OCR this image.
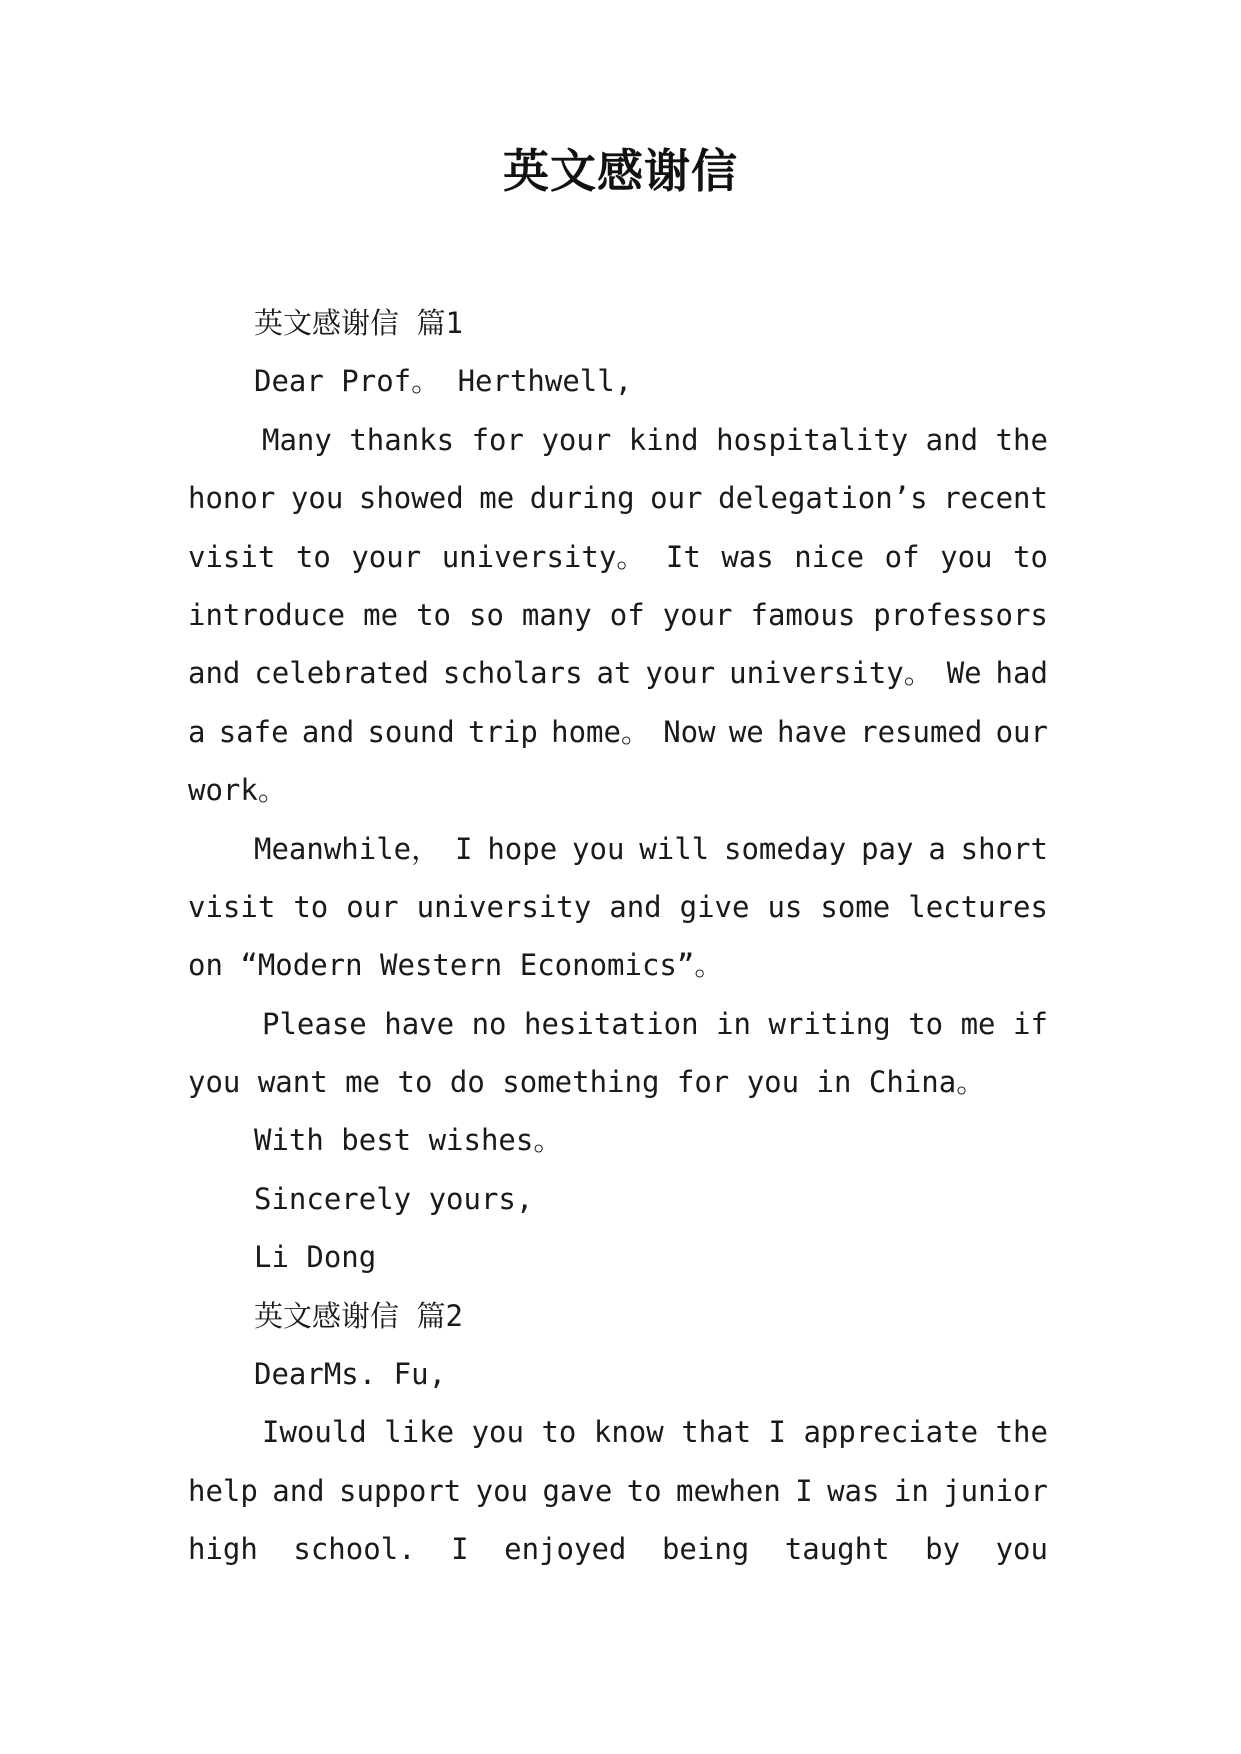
英文感谢信
英文感谢信 篇1
Dear Prof。 Herthwell,
Many thanks for your kind hospitality and the
honor you showed me during our delegation’s recent
visit to your university。 It was nice of you to
introduce me to so many of your famous professors
and celebrated scholars at your university。 We had
a safe and sound trip home。 Now we have resumed our
work。
Meanwhile， I hope you will someday pay a short
visit to our university and give us some lectures
on “Modern Western Economics”。
Please have no hesitation in writing to me if
you want me to do something for you in China。
With best wishes。
Sincerely yours,
Li Dong
英文感谢信 篇2
DearMs. Fu,
Iwould like you to know that I appreciate the
help and support you gave to mewhen I was in junior
high school. I enjoyed being taught by you
